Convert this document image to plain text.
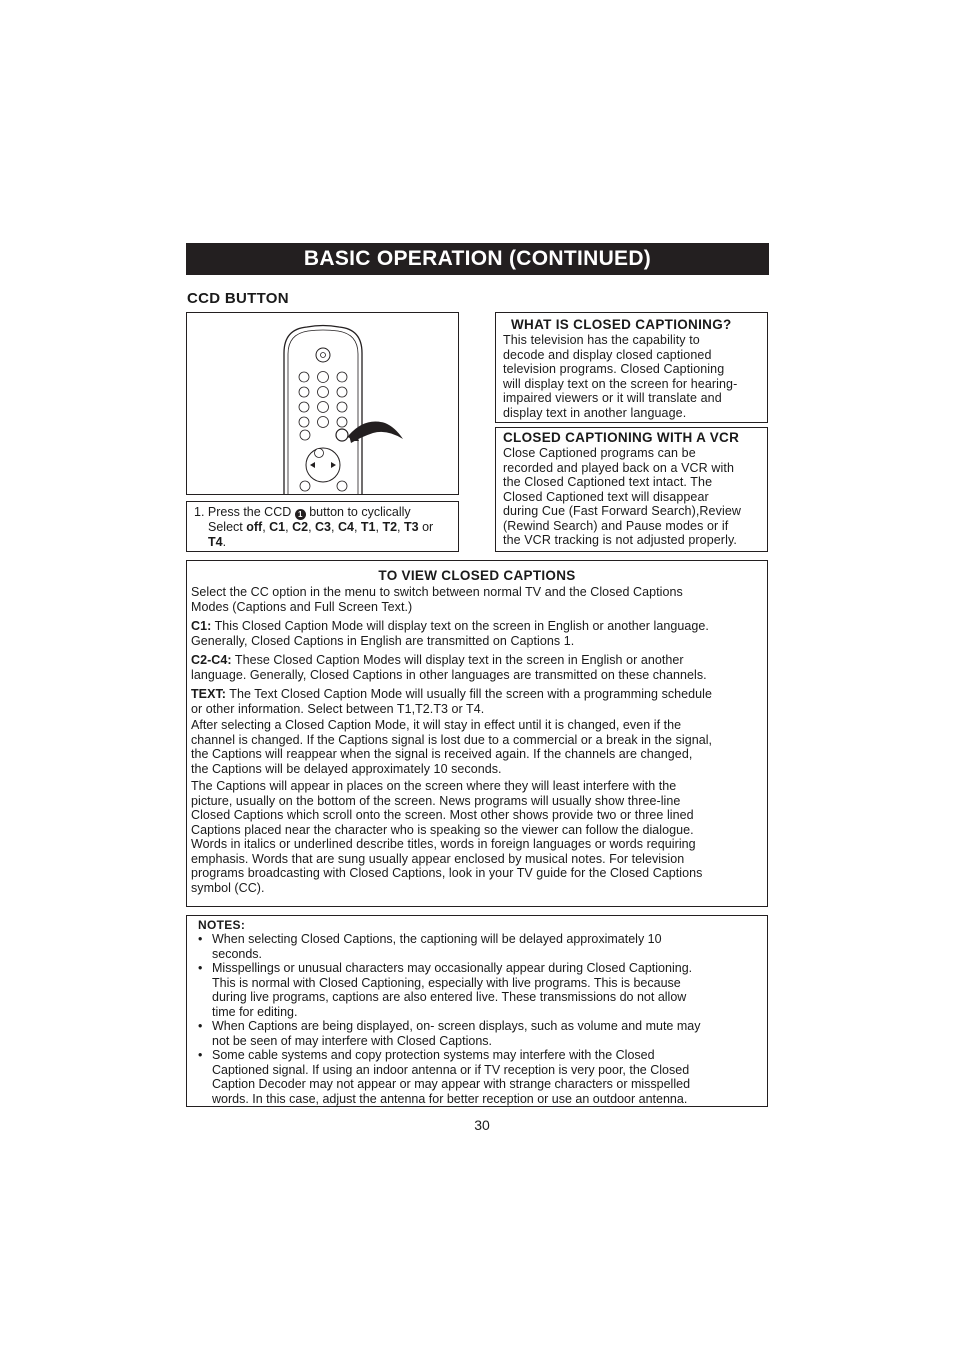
BASIC OPERATION (CONTINUED)
CCD BUTTON
1
1. Press the CCD 1 button to cyclically
Select off, C1, C2, C3, C4, T1, T2, T3 or
T4.
WHAT IS CLOSED CAPTIONING?
This television has the capability to
decode and display closed captioned
television programs. Closed Captioning
will display text on the screen for hearing-
impaired viewers or it will translate and
display text in another language.
CLOSED CAPTIONING WITH A VCR
Close Captioned programs can be
recorded and played back on a VCR with
the Closed Captioned text intact. The
Closed Captioned text will disappear
during Cue (Fast Forward Search),Review
(Rewind Search) and Pause modes or if
the VCR tracking is not adjusted properly.
TO VIEW CLOSED CAPTIONS
Select the CC option in the menu to switch between normal TV and the Closed Captions
Modes (Captions and Full Screen Text.)
C1: This Closed Caption Mode will display text on the screen in English or another language.
Generally, Closed Captions in English are transmitted on Captions 1.
C2-C4: These Closed Caption Modes will display text in the screen in English or another
language. Generally, Closed Captions in other languages are transmitted on these channels.
TEXT: The Text Closed Caption Mode will usually fill the screen with a programming schedule
or other information. Select between T1,T2.T3 or T4.
After selecting a Closed Caption Mode, it will stay in effect until it is changed, even if the
channel is changed. If the Captions signal is lost due to a commercial or a break in the signal,
the Captions will reappear when the signal is received again. If the channels are changed,
the Captions will be delayed approximately 10 seconds.
The Captions will appear in places on the screen where they will least interfere with the
picture, usually on the bottom of the screen. News programs will usually show three-line
Closed Captions which scroll onto the screen. Most other shows provide two or three lined
Captions placed near the character who is speaking so the viewer can follow the dialogue.
Words in italics or underlined describe titles, words in foreign languages or words requiring
emphasis. Words that are sung usually appear enclosed by musical notes. For television
programs broadcasting with Closed Captions, look in your TV guide for the Closed Captions
symbol (CC).
NOTES:
• When selecting Closed Captions, the captioning will be delayed approximately 10
seconds.
• Misspellings or unusual characters may occasionally appear during Closed Captioning.
This is normal with Closed Captioning, especially with live programs. This is because
during live programs, captions are also entered live. These transmissions do not allow
time for editing.
• When Captions are being displayed, on- screen displays, such as volume and mute may
not be seen of may interfere with Closed Captions.
• Some cable systems and copy protection systems may interfere with the Closed
Captioned signal. If using an indoor antenna or if TV reception is very poor, the Closed
Caption Decoder may not appear or may appear with strange characters or misspelled
words. In this case, adjust the antenna for better reception or use an outdoor antenna.
30
